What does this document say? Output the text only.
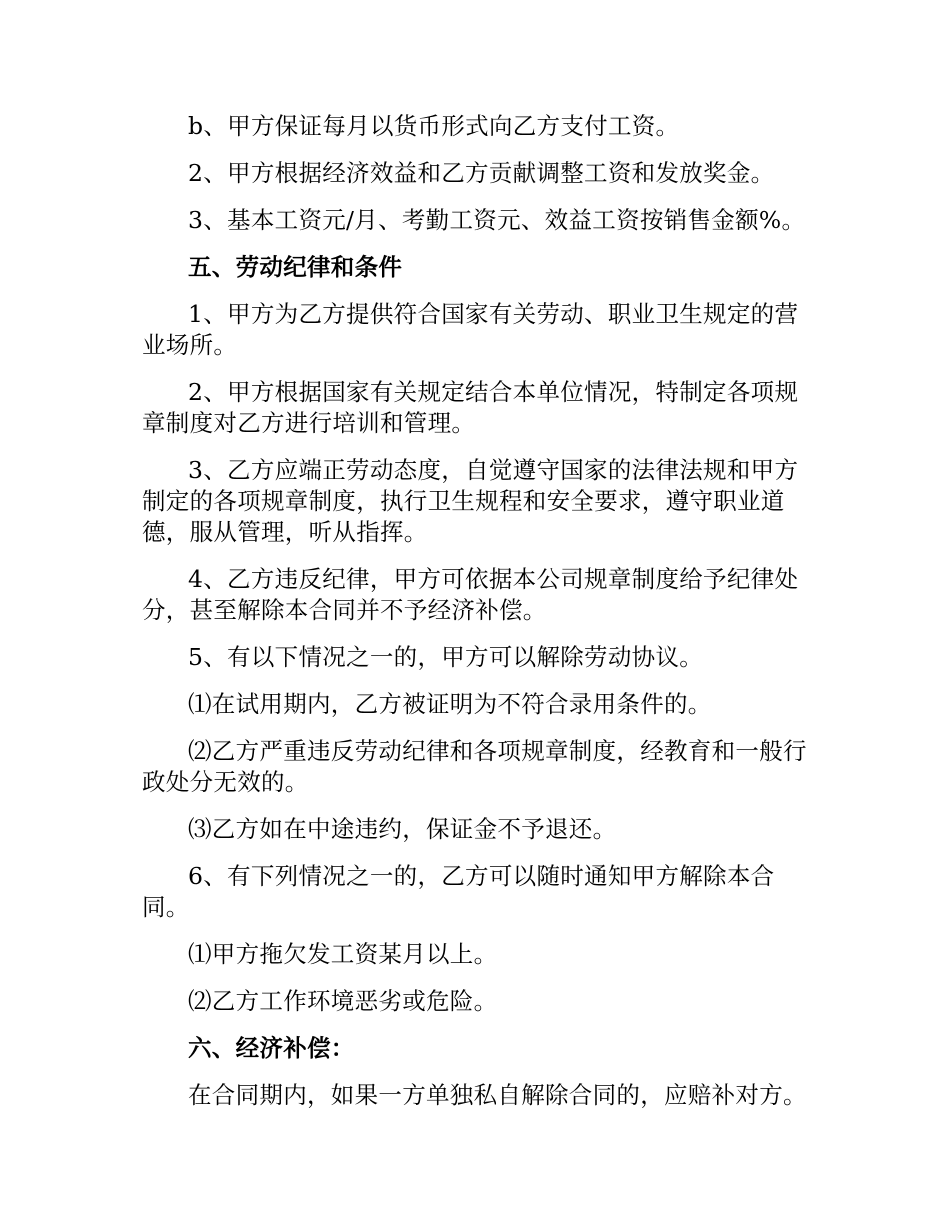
b、甲方保证每月以货币形式向乙方支付工资。

2、甲方根据经济效益和乙方贡献调整工资和发放奖金。

3、基本工资元/月、考勤工资元、效益工资按销售金额%。

五、劳动纪律和条件

1、甲方为乙方提供符合国家有关劳动、职业卫生规定的营业场所。

2、甲方根据国家有关规定结合本单位情况，特制定各项规章制度对乙方进行培训和管理。

3、乙方应端正劳动态度，自觉遵守国家的法律法规和甲方制定的各项规章制度，执行卫生规程和安全要求，遵守职业道德，服从管理，听从指挥。

4、乙方违反纪律，甲方可依据本公司规章制度给予纪律处分，甚至解除本合同并不予经济补偿。

5、有以下情况之一的，甲方可以解除劳动协议。

⑴在试用期内，乙方被证明为不符合录用条件的。

⑵乙方严重违反劳动纪律和各项规章制度，经教育和一般行政处分无效的。

⑶乙方如在中途违约，保证金不予退还。

6、有下列情况之一的，乙方可以随时通知甲方解除本合同。

⑴甲方拖欠发工资某月以上。

⑵乙方工作环境恶劣或危险。

六、经济补偿：

在合同期内，如果一方单独私自解除合同的，应赔补对方。
